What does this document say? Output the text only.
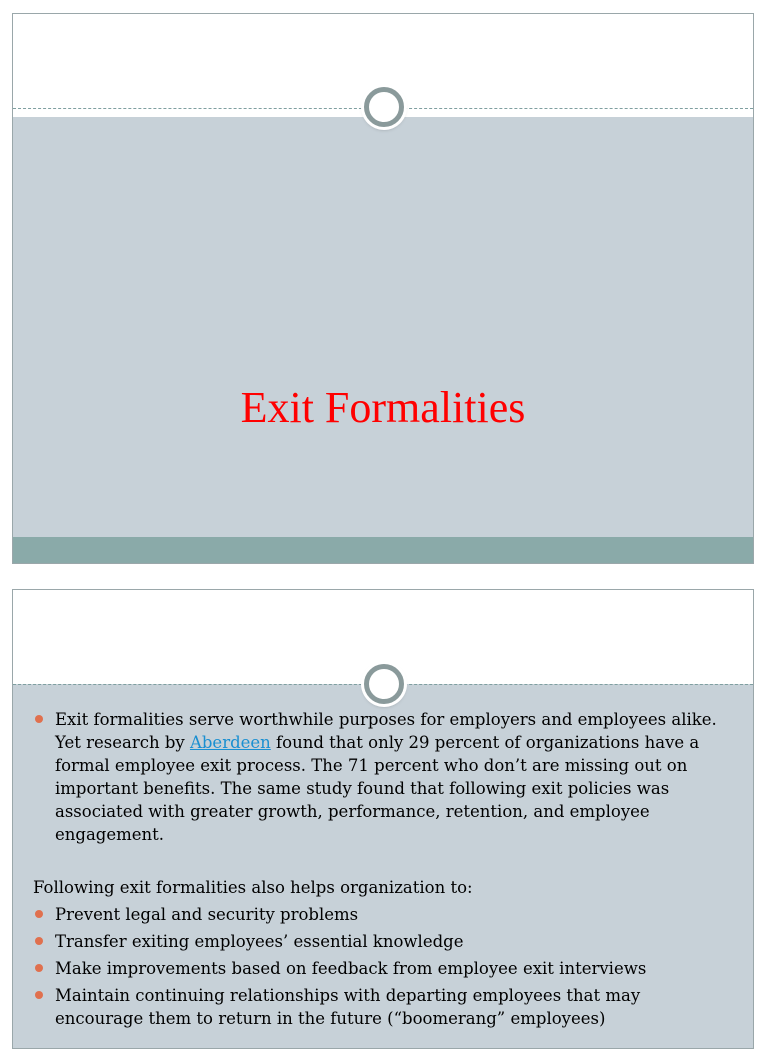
Exit Formalities
Exit formalities serve worthwhile purposes for employers and employees alike. Yet research by Aberdeen found that only 29 percent of organizations have a formal employee exit process. The 71 percent who don’t are missing out on important benefits. The same study found that following exit policies was associated with greater growth, performance, retention, and employee engagement.
Following exit formalities also helps organization to:
Prevent legal and security problems
Transfer exiting employees’ essential knowledge
Make improvements based on feedback from employee exit interviews
Maintain continuing relationships with departing employees that may encourage them to return in the future (“boomerang” employees)
